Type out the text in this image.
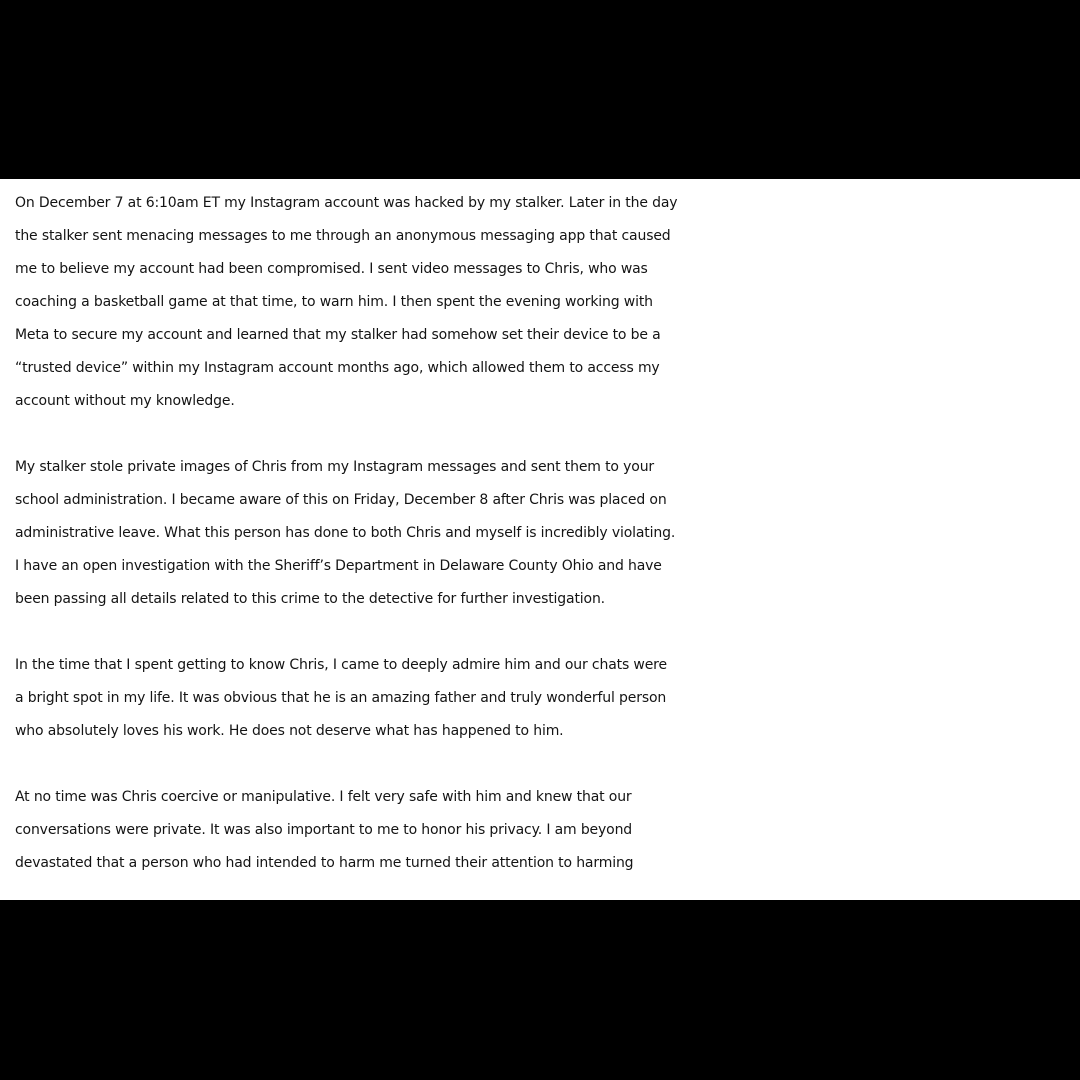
On December 7 at 6:10am ET my Instagram account was hacked by my stalker. Later in the day
the stalker sent menacing messages to me through an anonymous messaging app that caused
me to believe my account had been compromised. I sent video messages to Chris, who was
coaching a basketball game at that time, to warn him. I then spent the evening working with
Meta to secure my account and learned that my stalker had somehow set their device to be a
“trusted device” within my Instagram account months ago, which allowed them to access my
account without my knowledge.

My stalker stole private images of Chris from my Instagram messages and sent them to your
school administration. I became aware of this on Friday, December 8 after Chris was placed on
administrative leave. What this person has done to both Chris and myself is incredibly violating.
I have an open investigation with the Sheriff’s Department in Delaware County Ohio and have
been passing all details related to this crime to the detective for further investigation.

In the time that I spent getting to know Chris, I came to deeply admire him and our chats were
a bright spot in my life. It was obvious that he is an amazing father and truly wonderful person
who absolutely loves his work. He does not deserve what has happened to him.

At no time was Chris coercive or manipulative. I felt very safe with him and knew that our
conversations were private. It was also important to me to honor his privacy. I am beyond
devastated that a person who had intended to harm me turned their attention to harming
